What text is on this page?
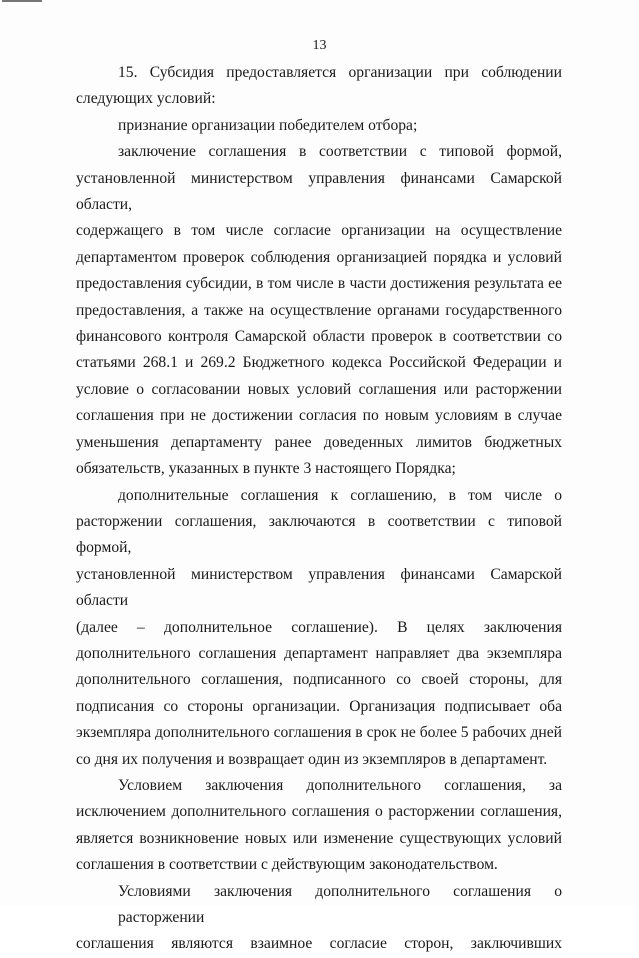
13

15. Субсидия предоставляется организации при соблюдении
следующих условий:

признание организации победителем отбора;

заключение соглашения в соответствии с типовой формой,
установленной министерством управления финансами Самарской области,
содержащего в том числе согласие организации на осуществление
департаментом проверок соблюдения организацией порядка и условий
предоставления субсидии, в том числе в части достижения результата ее
предоставления, а также на осуществление органами государственного
финансового контроля Самарской области проверок в соответствии со
статьями 268.1 и 269.2 Бюджетного кодекса Российской Федерации и
условие о согласовании новых условий соглашения или расторжении
соглашения при не достижении согласия по новым условиям в случае
уменьшения департаменту ранее доведенных лимитов бюджетных
обязательств, указанных в пункте 3 настоящего Порядка;

дополнительные соглашения к соглашению, в том числе о
расторжении соглашения, заключаются в соответствии с типовой формой,
установленной министерством управления финансами Самарской области
(далее – дополнительное соглашение). В целях заключения
дополнительного соглашения департамент направляет два экземпляра
дополнительного соглашения, подписанного со своей стороны, для
подписания со стороны организации. Организация подписывает оба
экземпляра дополнительного соглашения в срок не более 5 рабочих дней
со дня их получения и возвращает один из экземпляров в департамент.

Условием заключения дополнительного соглашения, за
исключением дополнительного соглашения о расторжении соглашения,
является возникновение новых или изменение существующих условий
соглашения в соответствии с действующим законодательством.

Условиями заключения дополнительного соглашения о расторжении
соглашения являются взаимное согласие сторон, заключивших
